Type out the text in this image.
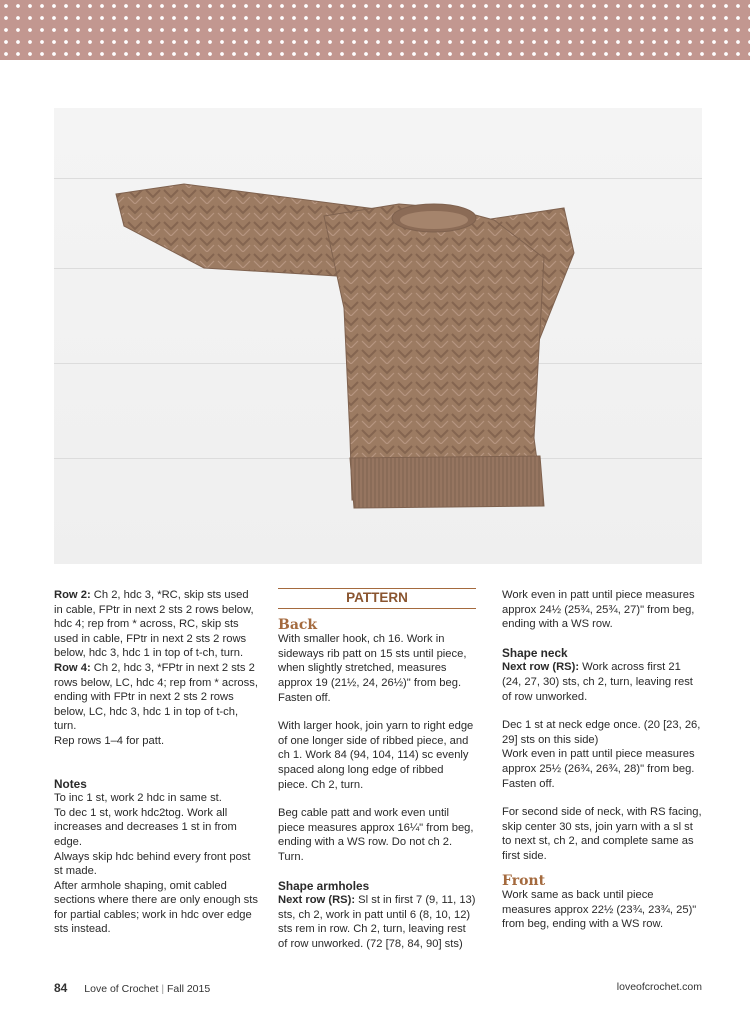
Row 2: Ch 2, hdc 3, *RC, skip sts used in cable, FPtr in next 2 sts 2 rows below, hdc 4; rep from * across, RC, skip sts used in cable, FPtr in next 2 sts 2 rows below, hdc 3, hdc 1 in top of t-ch, turn.

Row 4: Ch 2, hdc 3, *FPtr in next 2 sts 2 rows below, LC, hdc 4; rep from * across, ending with FPtr in next 2 sts 2 rows below, LC, hdc 3, hdc 1 in top of t-ch, turn.

Rep rows 1–4 for patt.

Notes

To inc 1 st, work 2 hdc in same st.

To dec 1 st, work hdc2tog. Work all increases and decreases 1 st in from edge.

Always skip hdc behind every front post st made.

After armhole shaping, omit cabled sections where there are only enough sts for partial cables; work in hdc over edge sts instead.

PATTERN

Back

With smaller hook, ch 16. Work in sideways rib patt on 15 sts until piece, when slightly stretched, measures approx 19 (21½, 24, 26½)" from beg. Fasten off.

With larger hook, join yarn to right edge of one longer side of ribbed piece, and ch 1. Work 84 (94, 104, 114) sc evenly spaced along long edge of ribbed piece. Ch 2, turn.

Beg cable patt and work even until piece measures approx 16¼" from beg, ending with a WS row. Do not ch 2. Turn.

Shape armholes

Next row (RS): Sl st in first 7 (9, 11, 13) sts, ch 2, work in patt until 6 (8, 10, 12) sts rem in row. Ch 2, turn, leaving rest of row unworked. (72 [78, 84, 90] sts)

Work even in patt until piece measures approx 24½ (25¾, 25¾, 27)" from beg, ending with a WS row.

Shape neck

Next row (RS): Work across first 21 (24, 27, 30) sts, ch 2, turn, leaving rest of row unworked.

Dec 1 st at neck edge once. (20 [23, 26, 29] sts on this side)

Work even in patt until piece measures approx 25½ (26¾, 26¾, 28)" from beg. Fasten off.

For second side of neck, with RS facing, skip center 30 sts, join yarn with a sl st to next st, ch 2, and complete same as first side.

Front

Work same as back until piece measures approx 22½ (23¾, 23¾, 25)" from beg, ending with a WS row.

84 Love of Crochet | Fall 2015	loveofcrochet.com
